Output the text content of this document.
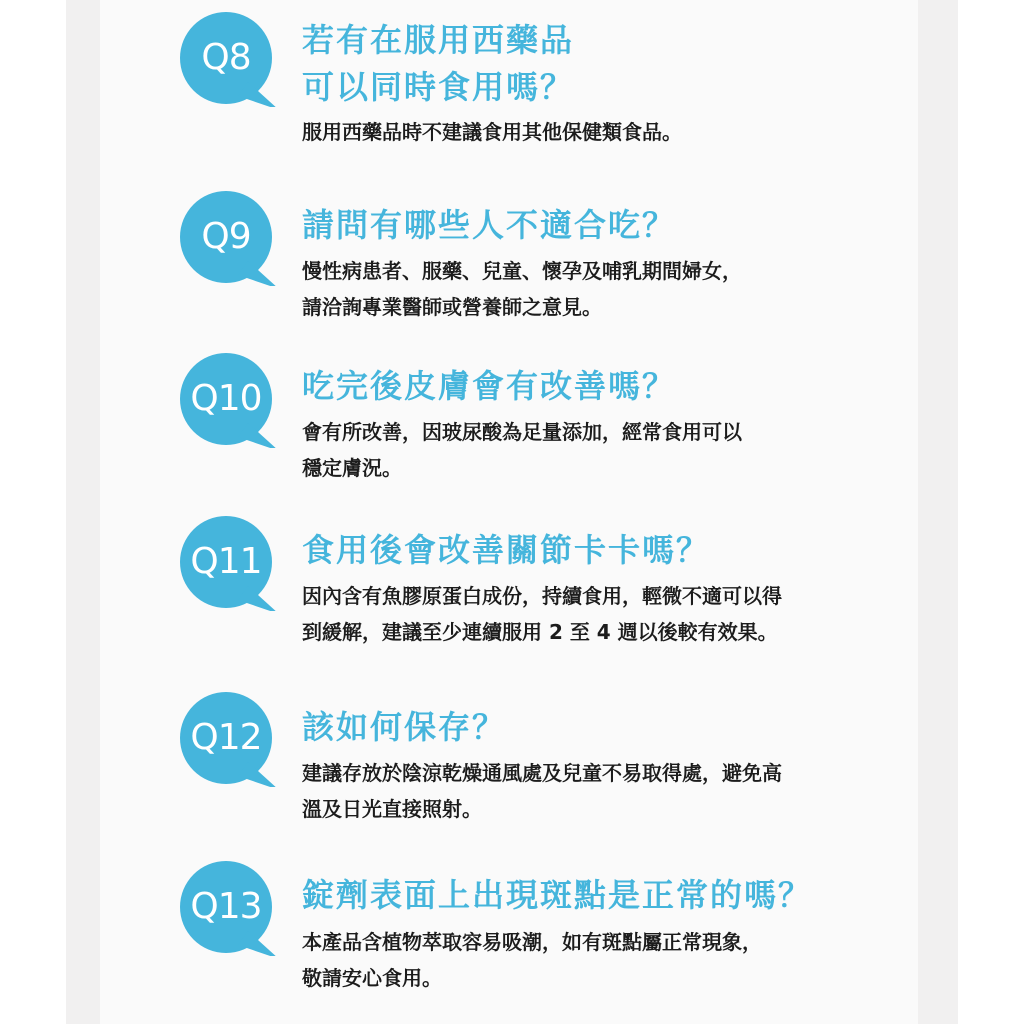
Q8	若有在服用西藥品
可以同時食用嗎？
服用西藥品時不建議食用其他保健類食品。
Q9	請問有哪些人不適合吃？
慢性病患者、服藥、兒童、懷孕及哺乳期間婦女，
請洽詢專業醫師或營養師之意見。
Q10	吃完後皮膚會有改善嗎？
會有所改善，因玻尿酸為足量添加，經常食用可以
穩定膚況。
Q11	食用後會改善關節卡卡嗎？
因內含有魚膠原蛋白成份，持續食用，輕微不適可以得
到緩解，建議至少連續服用 2 至 4 週以後較有效果。
Q12	該如何保存？
建議存放於陰涼乾燥通風處及兒童不易取得處，避免高
溫及日光直接照射。
Q13	錠劑表面上出現斑點是正常的嗎？
本產品含植物萃取容易吸潮，如有斑點屬正常現象，
敬請安心食用。
